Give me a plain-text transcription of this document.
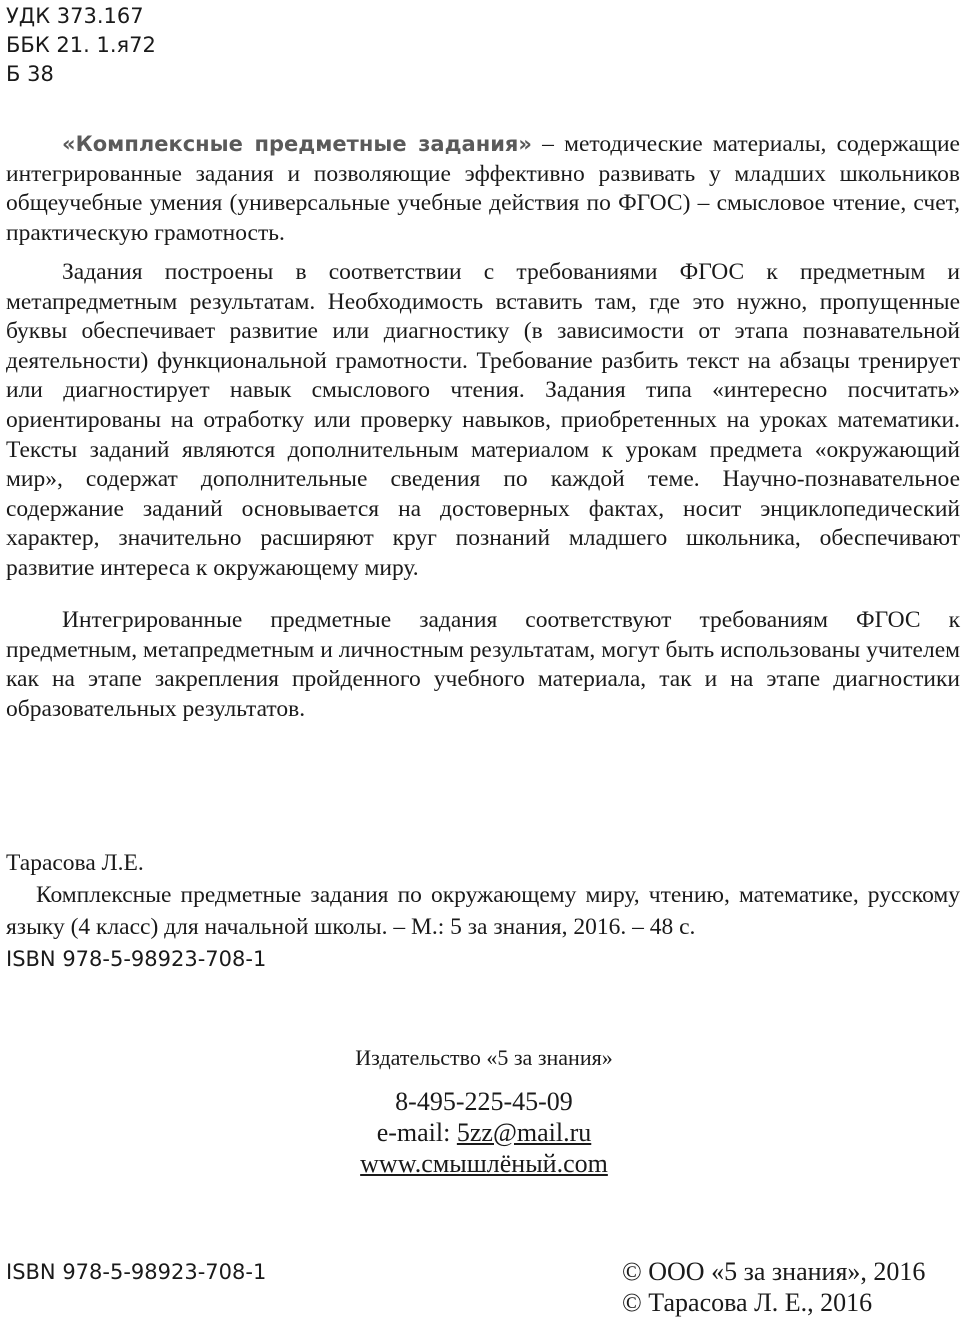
УДК 373.167
ББК 21. 1.я72
Б 38

«Комплексные предметные задания» – методические материалы, содержащие интегрированные задания и позволяющие эффективно развивать у младших школьников общеучебные умения (универсальные учебные действия по ФГОС) – смысловое чтение, счет, практическую грамотность.

Задания построены в соответствии с требованиями ФГОС к предметным и метапредметным результатам. Необходимость вставить там, где это нужно, пропущенные буквы обеспечивает развитие или диагностику (в зависимости от этапа познавательной деятельности) функциональной грамотности. Требование разбить текст на абзацы тренирует или диагностирует навык смыслового чтения. Задания типа «интересно посчитать» ориентированы на отработку или проверку навыков, приобретенных на уроках математики. Тексты заданий являются дополнительным материалом к урокам предмета «окружающий мир», содержат дополнительные сведения по каждой теме. Научно-познавательное содержание заданий основывается на достоверных фактах, носит энциклопедический характер, значительно расширяют круг познаний младшего школьника, обеспечивают развитие интереса к окружающему миру.

Интегрированные предметные задания соответствуют требованиям ФГОС к предметным, метапредметным и личностным результатам, могут быть использованы учителем как на этапе закрепления пройденного учебного материала, так и на этапе диагностики образовательных результатов.

Тарасова Л.Е.

Комплексные предметные задания по окружающему миру, чтению, математике, русскому языку (4 класс) для начальной школы. – М.: 5 за знания, 2016. – 48 с.

ISBN 978-5-98923-708-1

Издательство «5 за знания»
8-495-225-45-09
e-mail: 5zz@mail.ru
www.смышлёный.com
ISBN 978-5-98923-708-1	© ООО «5 за знания», 2016
© Тарасова Л. Е., 2016
